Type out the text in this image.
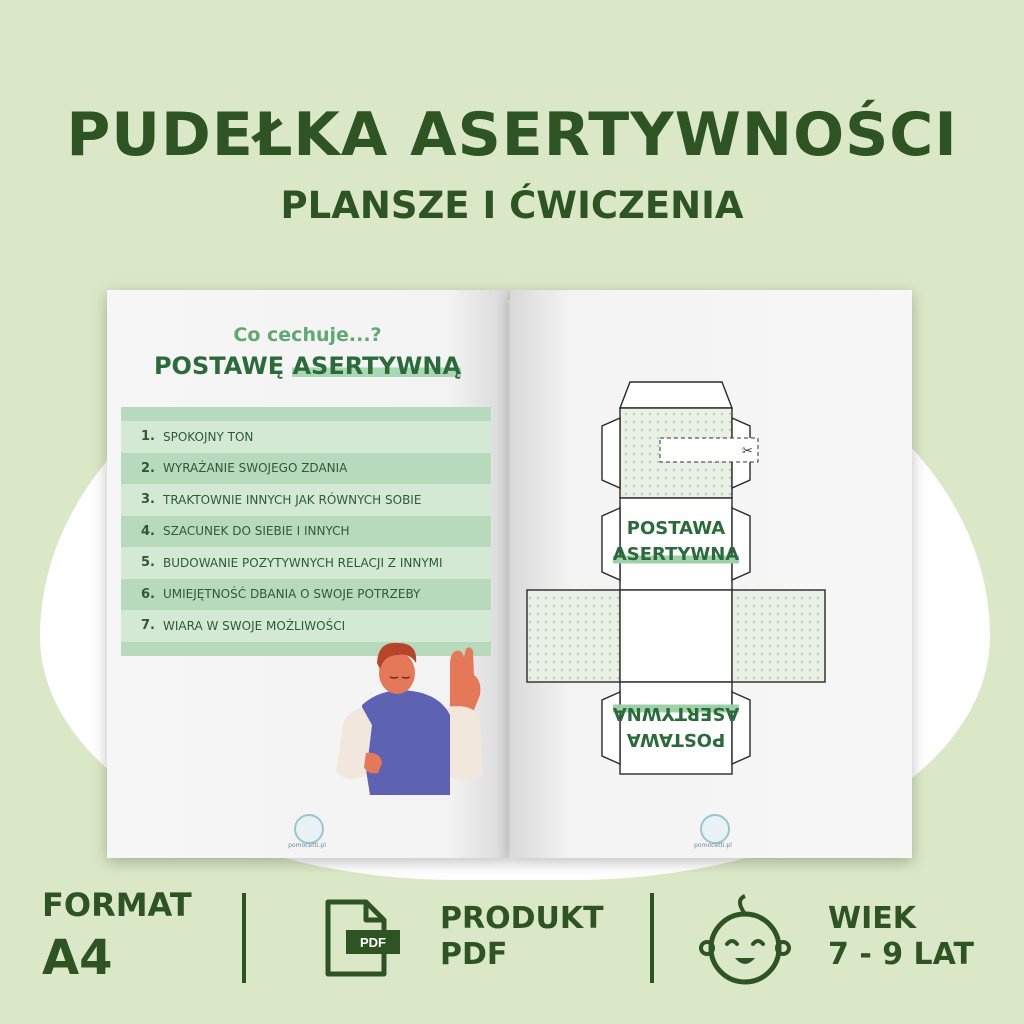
PUDEŁKA ASERTYWNOŚCI
PLANSZE I ĆWICZENIA
Co cechuje...?
POSTAWĘ ASERTYWNĄ
1. SPOKOJNY TON
2. WYRAŻANIE SWOJEGO ZDANIA
3. TRAKTOWNIE INNYCH JAK RÓWNYCH SOBIE
4. SZACUNEK DO SIEBIE I INNYCH
5. BUDOWANIE POZYTYWNYCH RELACJI Z INNYMI
6. UMIEJĘTNOŚĆ DBANIA O SWOJE POTRZEBY
7. WIARA W SWOJE MOŻLIWOŚCI
pomocetti.pl
✂
POSTAWA
ASERTYWNA
POSTAWA
ASERTYWNA
pomocetti.pl
FORMAT
A4	PDF
PRODUKT
PDF
WIEK
7 - 9 LAT
